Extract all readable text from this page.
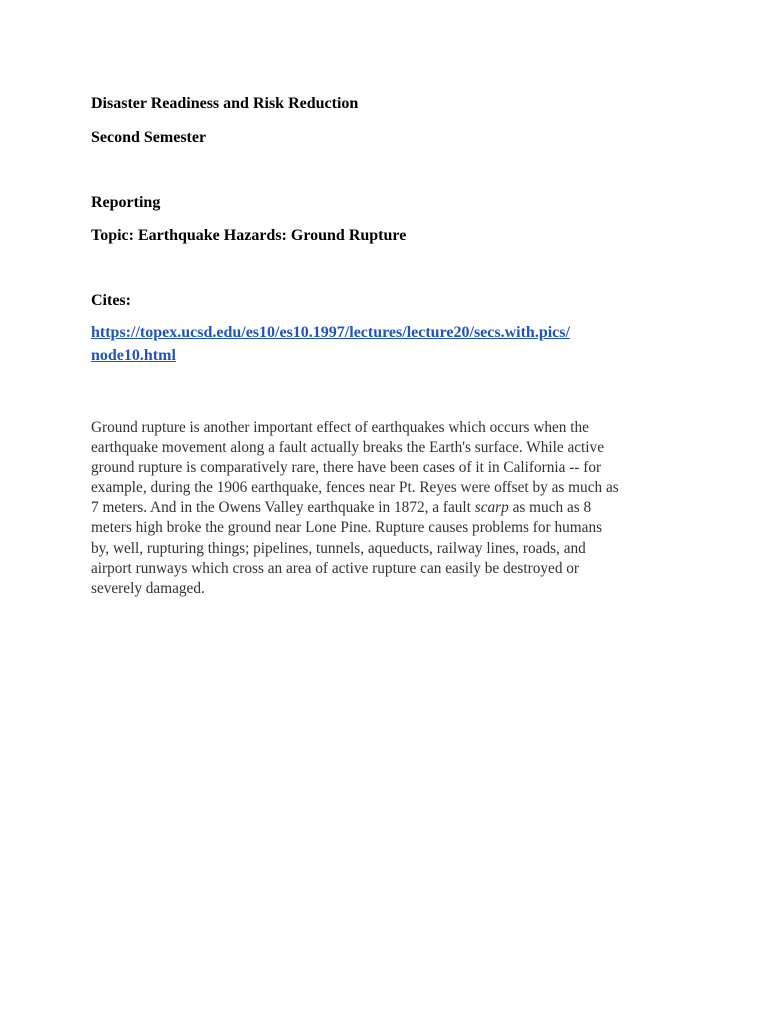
Disaster Readiness and Risk Reduction
Second Semester
Reporting
Topic: Earthquake Hazards: Ground Rupture
Cites:
https://topex.ucsd.edu/es10/es10.1997/lectures/lecture20/secs.with.pics/
node10.html

Ground rupture is another important effect of earthquakes which occurs when the
earthquake movement along a fault actually breaks the Earth's surface. While active
ground rupture is comparatively rare, there have been cases of it in California -- for
example, during the 1906 earthquake, fences near Pt. Reyes were offset by as much as
7 meters. And in the Owens Valley earthquake in 1872, a fault scarp as much as 8
meters high broke the ground near Lone Pine. Rupture causes problems for humans
by, well, rupturing things; pipelines, tunnels, aqueducts, railway lines, roads, and
airport runways which cross an area of active rupture can easily be destroyed or
severely damaged.
